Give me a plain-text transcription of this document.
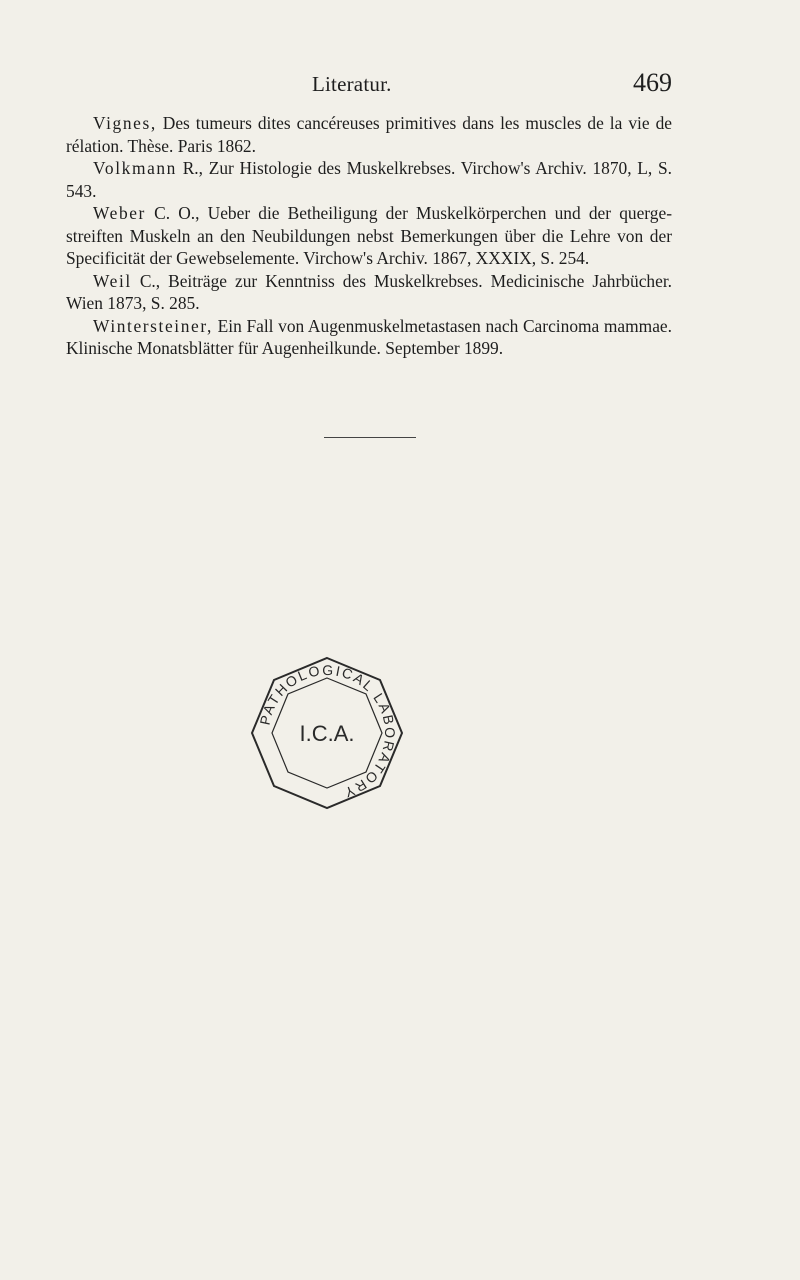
Literatur.	469

Vignes, Des tumeurs dites cancéreuses primitives dans les muscles de la vie de rélation. Thèse. Paris 1862.

Volkmann R., Zur Histologie des Muskelkrebses. Virchow's Archiv. 1870, L, S. 543.

Weber C. O., Ueber die Betheiligung der Muskelkörperchen und der querge-streiften Muskeln an den Neubildungen nebst Bemerkungen über die Lehre von der Specificität der Gewebselemente. Virchow's Archiv. 1867, XXXIX, S. 254.

Weil C., Beiträge zur Kenntniss des Muskelkrebses. Medicinische Jahrbücher. Wien 1873, S. 285.

Wintersteiner, Ein Fall von Augenmuskelmetastasen nach Carcinoma mammae. Klinische Monatsblätter für Augenheilkunde. September 1899.

PATHOLOGICAL LABORATORY
I.C.A.
